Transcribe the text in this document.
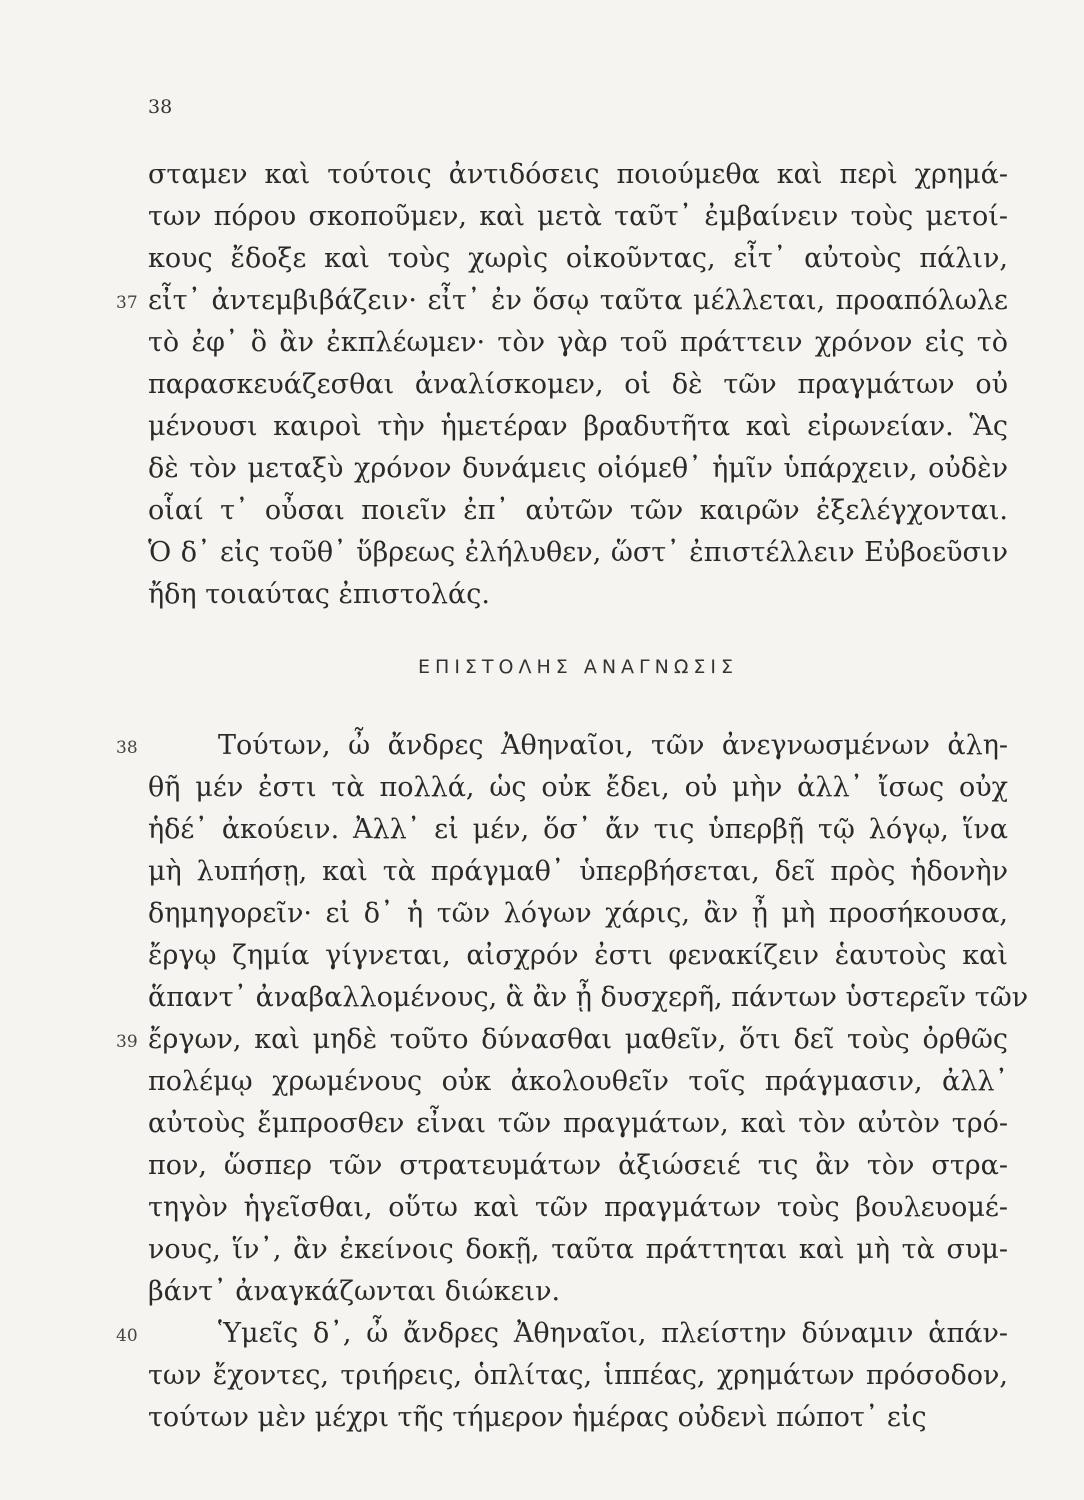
38
σταμεν καὶ τούτοις ἀντιδόσεις ποιούμεθα καὶ περὶ χρημά-
των πόρου σκοποῦμεν, καὶ μετὰ ταῦτ᾽ ἐμβαίνειν τοὺς μετοί-
κους ἔδοξε καὶ τοὺς χωρὶς οἰκοῦντας, εἶτ᾽ αὐτοὺς πάλιν,
37 εἶτ᾽ ἀντεμβιβάζειν· εἶτ᾽ ἐν ὅσῳ ταῦτα μέλλεται, προαπόλωλε
τὸ ἐφ᾽ ὃ ἂν ἐκπλέωμεν· τὸν γὰρ τοῦ πράττειν χρόνον εἰς τὸ
παρασκευάζεσθαι ἀναλίσκομεν, οἱ δὲ τῶν πραγμάτων οὐ
μένουσι καιροὶ τὴν ἡμετέραν βραδυτῆτα καὶ εἰρωνείαν. Ἃς
δὲ τὸν μεταξὺ χρόνον δυνάμεις οἰόμεθ᾽ ἡμῖν ὑπάρχειν, οὐδὲν
οἷαί τ᾽ οὖσαι ποιεῖν ἐπ᾽ αὐτῶν τῶν καιρῶν ἐξελέγχονται.
Ὁ δ᾽ εἰς τοῦθ᾽ ὕβρεως ἐλήλυθεν, ὥστ᾽ ἐπιστέλλειν Εὐβοεῦσιν
ἤδη τοιαύτας ἐπιστολάς.
ΕΠΙΣΤΟΛΗΣ ΑΝΑΓΝΩΣΙΣ
38	Τούτων, ὦ ἄνδρες Ἀθηναῖοι, τῶν ἀνεγνωσμένων ἀλη-
θῆ μέν ἐστι τὰ πολλά, ὡς οὐκ ἔδει, οὐ μὴν ἀλλ᾽ ἴσως οὐχ
ἡδέ᾽ ἀκούειν. Ἀλλ᾽ εἰ μέν, ὅσ᾽ ἄν τις ὑπερβῇ τῷ λόγῳ, ἵνα
μὴ λυπήσῃ, καὶ τὰ πράγμαθ᾽ ὑπερβήσεται, δεῖ πρὸς ἡδονὴν
δημηγορεῖν· εἰ δ᾽ ἡ τῶν λόγων χάρις, ἂν ᾖ μὴ προσήκουσα,
ἔργῳ ζημία γίγνεται, αἰσχρόν ἐστι φενακίζειν ἑαυτοὺς καὶ
ἅπαντ᾽ ἀναβαλλομένους, ἃ ἂν ᾖ δυσχερῆ, πάντων ὑστερεῖν τῶν
39 ἔργων, καὶ μηδὲ τοῦτο δύνασθαι μαθεῖν, ὅτι δεῖ τοὺς ὀρθῶς
πολέμῳ χρωμένους οὐκ ἀκολουθεῖν τοῖς πράγμασιν, ἀλλ᾽
αὐτοὺς ἔμπροσθεν εἶναι τῶν πραγμάτων, καὶ τὸν αὐτὸν τρό-
πον, ὥσπερ τῶν στρατευμάτων ἀξιώσειέ τις ἂν τὸν στρα-
τηγὸν ἡγεῖσθαι, οὕτω καὶ τῶν πραγμάτων τοὺς βουλευομέ-
νους, ἵν᾽, ἂν ἐκείνοις δοκῇ, ταῦτα πράττηται καὶ μὴ τὰ συμ-
βάντ᾽ ἀναγκάζωνται διώκειν.
40	Ὑμεῖς δ᾽, ὦ ἄνδρες Ἀθηναῖοι, πλείστην δύναμιν ἁπάν-
των ἔχοντες, τριήρεις, ὁπλίτας, ἱππέας, χρημάτων πρόσοδον,
τούτων μὲν μέχρι τῆς τήμερον ἡμέρας οὐδενὶ πώποτ᾽ εἰς
